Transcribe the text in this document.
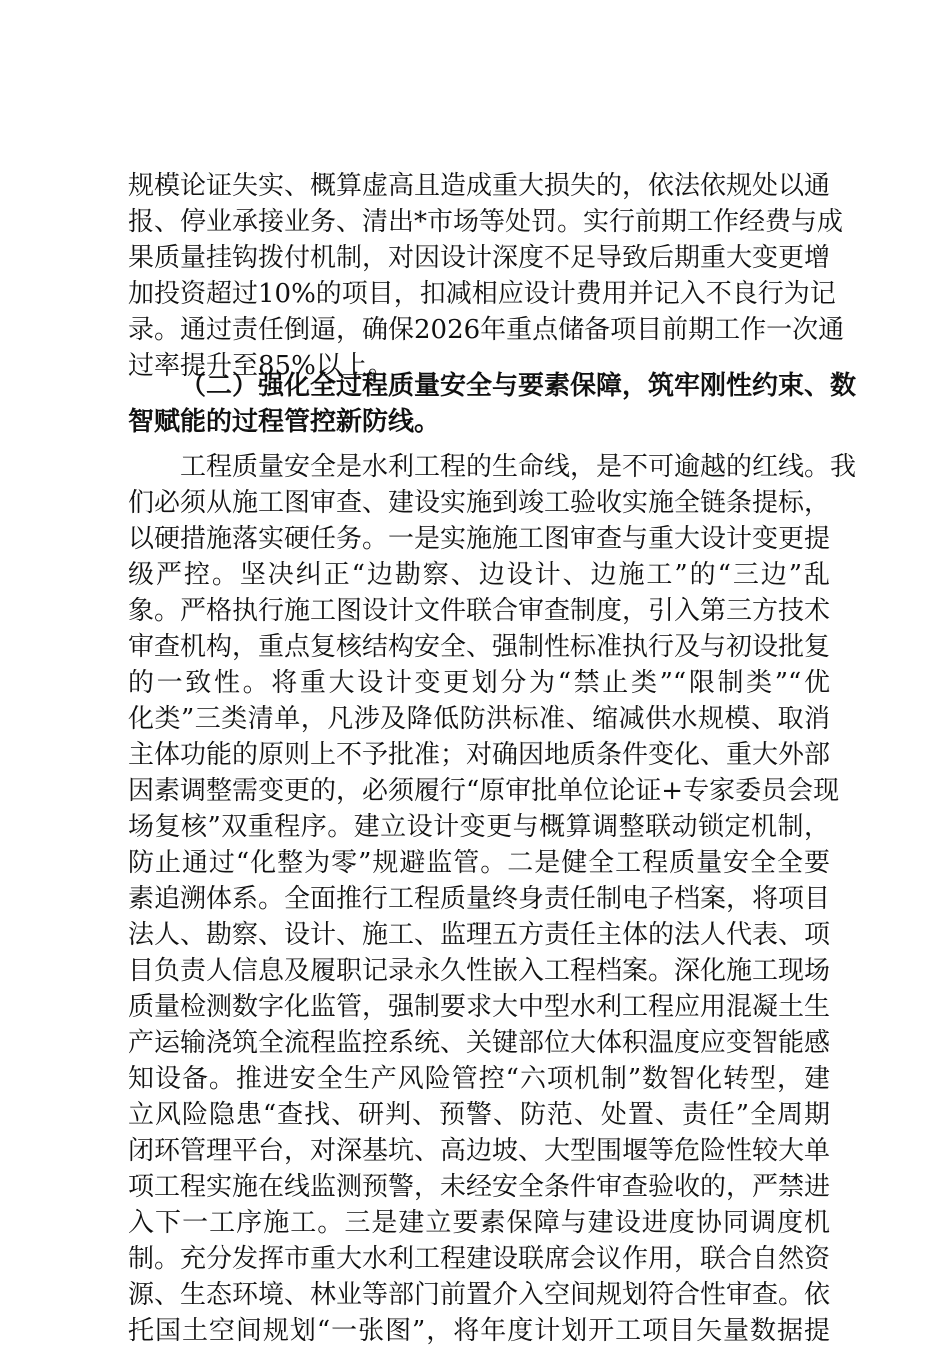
规模论证失实、概算虚高且造成重大损失的，依法依规处以通
报、停业承接业务、清出*市场等处罚。实行前期工作经费与成
果质量挂钩拨付机制，对因设计深度不足导致后期重大变更增
加投资超过10%的项目，扣减相应设计费用并记入不良行为记
录。通过责任倒逼，确保2026年重点储备项目前期工作一次通
过率提升至85%以上。
（二）强化全过程质量安全与要素保障，筑牢刚性约束、数
智赋能的过程管控新防线。
工程质量安全是水利工程的生命线，是不可逾越的红线。我
们必须从施工图审查、建设实施到竣工验收实施全链条提标，
以硬措施落实硬任务。一是实施施工图审查与重大设计变更提
级严控。坚决纠正“边勘察、边设计、边施工”的“三边”乱
象。严格执行施工图设计文件联合审查制度，引入第三方技术
审查机构，重点复核结构安全、强制性标准执行及与初设批复
的一致性。将重大设计变更划分为“禁止类”“限制类”“优
化类”三类清单，凡涉及降低防洪标准、缩减供水规模、取消
主体功能的原则上不予批准；对确因地质条件变化、重大外部
因素调整需变更的，必须履行“原审批单位论证+专家委员会现
场复核”双重程序。建立设计变更与概算调整联动锁定机制，
防止通过“化整为零”规避监管。二是健全工程质量安全全要
素追溯体系。全面推行工程质量终身责任制电子档案，将项目
法人、勘察、设计、施工、监理五方责任主体的法人代表、项
目负责人信息及履职记录永久性嵌入工程档案。深化施工现场
质量检测数字化监管，强制要求大中型水利工程应用混凝土生
产运输浇筑全流程监控系统、关键部位大体积温度应变智能感
知设备。推进安全生产风险管控“六项机制”数智化转型，建
立风险隐患“查找、研判、预警、防范、处置、责任”全周期
闭环管理平台，对深基坑、高边坡、大型围堰等危险性较大单
项工程实施在线监测预警，未经安全条件审查验收的，严禁进
入下一工序施工。三是建立要素保障与建设进度协同调度机
制。充分发挥市重大水利工程建设联席会议作用，联合自然资
源、生态环境、林业等部门前置介入空间规划符合性审查。依
托国土空间规划“一张图”，将年度计划开工项目矢量数据提
